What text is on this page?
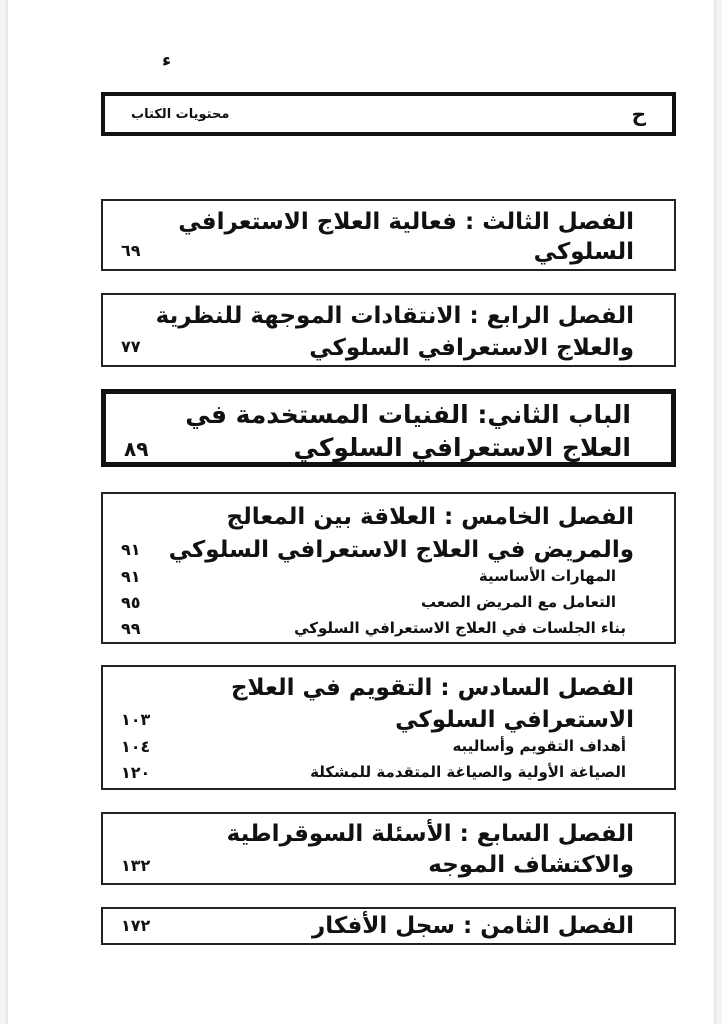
ء
ح
محتويات الكتاب
الفصل الثالث : فعالية العلاج الاستعرافي
السلوكي
٦٩
الفصل الرابع : الانتقادات الموجهة للنظرية
والعلاج الاستعرافي السلوكي
٧٧
الباب الثاني: الفنيات المستخدمة في
العلاج الاستعرافي السلوكي
٨٩
الفصل الخامس : العلاقة بين المعالج
والمريض في العلاج الاستعرافي السلوكي
٩١
المهارات الأساسية
٩١
التعامل مع المريض الصعب
٩٥
بناء الجلسات في العلاج الاستعرافي السلوكي
٩٩
الفصل السادس : التقويم في العلاج
الاستعرافي السلوكي
١٠٣
أهداف التقويم وأساليبه
١٠٤
الصياغة الأولية والصياغة المتقدمة للمشكلة
١٢٠
الفصل السابع : الأسئلة السوقراطية
والاكتشاف الموجه
١٣٢
الفصل الثامن : سجل الأفكار
١٧٢
